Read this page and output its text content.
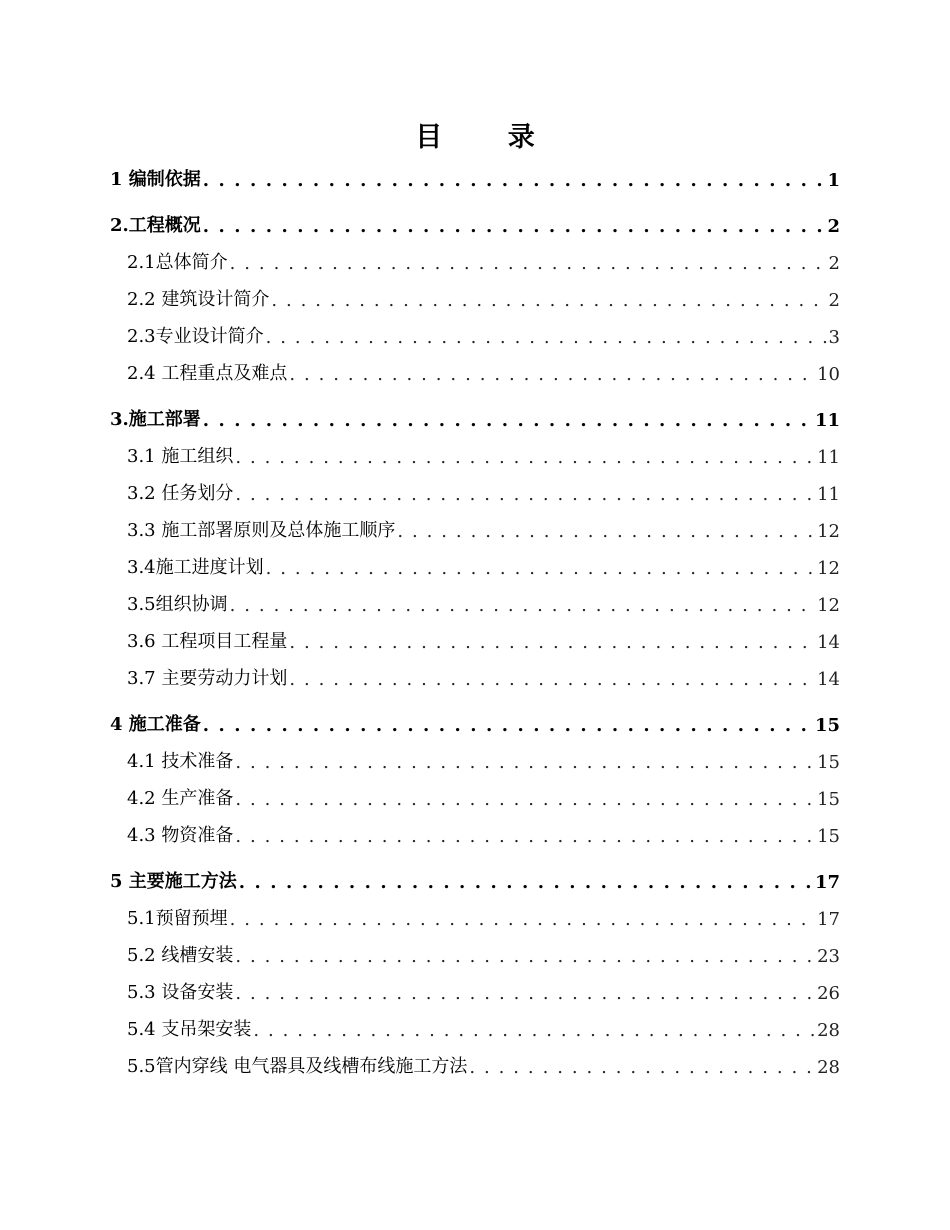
目 录
1 编制依据 . . .	1
2.工程概况 . . .	2
2.1总体简介 . . .	2
2.2 建筑设计简介 . . .	2
2.3专业设计简介 . . .	3
2.4 工程重点及难点 . . .	10
3.施工部署 . . .	11
3.1 施工组织 . . .	11
3.2 任务划分 . . .	11
3.3 施工部署原则及总体施工顺序 . . .	12
3.4施工进度计划 . . .	12
3.5组织协调 . . .	12
3.6 工程项目工程量 . . .	14
3.7 主要劳动力计划 . . .	14
4 施工准备 . . .	15
4.1 技术准备 . . .	15
4.2 生产准备 . . .	15
4.3 物资准备 . . .	15
5 主要施工方法 . . .	17
5.1预留预埋 . . .	17
5.2 线槽安装 . . .	23
5.3 设备安装 . . .	26
5.4 支吊架安装 . . .	28
5.5管内穿线 电气器具及线槽布线施工方法 . . .	28
